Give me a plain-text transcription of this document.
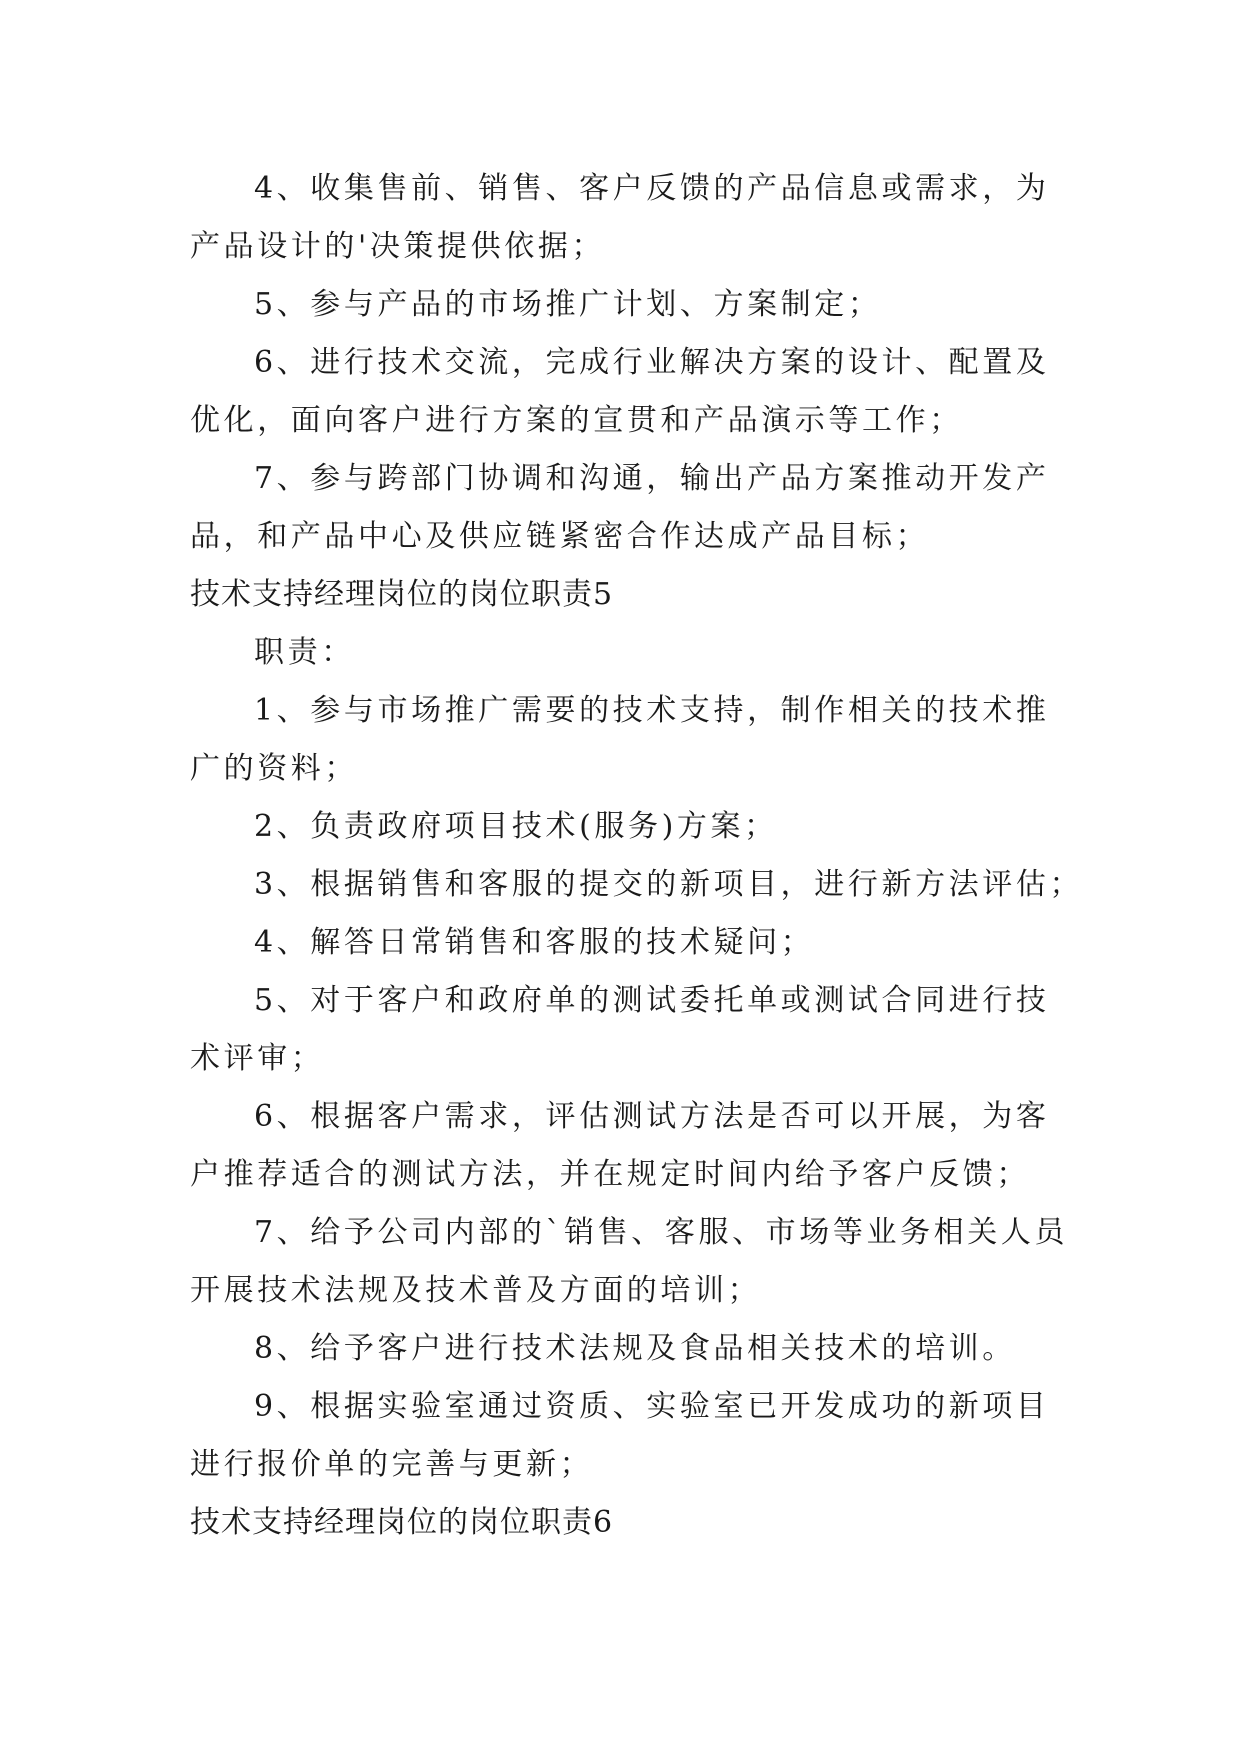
4、收集售前、销售、客户反馈的产品信息或需求，为
产品设计的'决策提供依据；

5、参与产品的市场推广计划、方案制定；

6、进行技术交流，完成行业解决方案的设计、配置及
优化，面向客户进行方案的宣贯和产品演示等工作；

7、参与跨部门协调和沟通，输出产品方案推动开发产
品，和产品中心及供应链紧密合作达成产品目标；

技术支持经理岗位的岗位职责5

职责：

1、参与市场推广需要的技术支持，制作相关的技术推
广的资料；

2、负责政府项目技术(服务)方案；

3、根据销售和客服的提交的新项目，进行新方法评估；

4、解答日常销售和客服的技术疑问；

5、对于客户和政府单的测试委托单或测试合同进行技
术评审；

6、根据客户需求，评估测试方法是否可以开展，为客
户推荐适合的测试方法，并在规定时间内给予客户反馈；

7、给予公司内部的`销售、客服、市场等业务相关人员
开展技术法规及技术普及方面的培训；

8、给予客户进行技术法规及食品相关技术的培训。

9、根据实验室通过资质、实验室已开发成功的新项目
进行报价单的完善与更新；

技术支持经理岗位的岗位职责6
